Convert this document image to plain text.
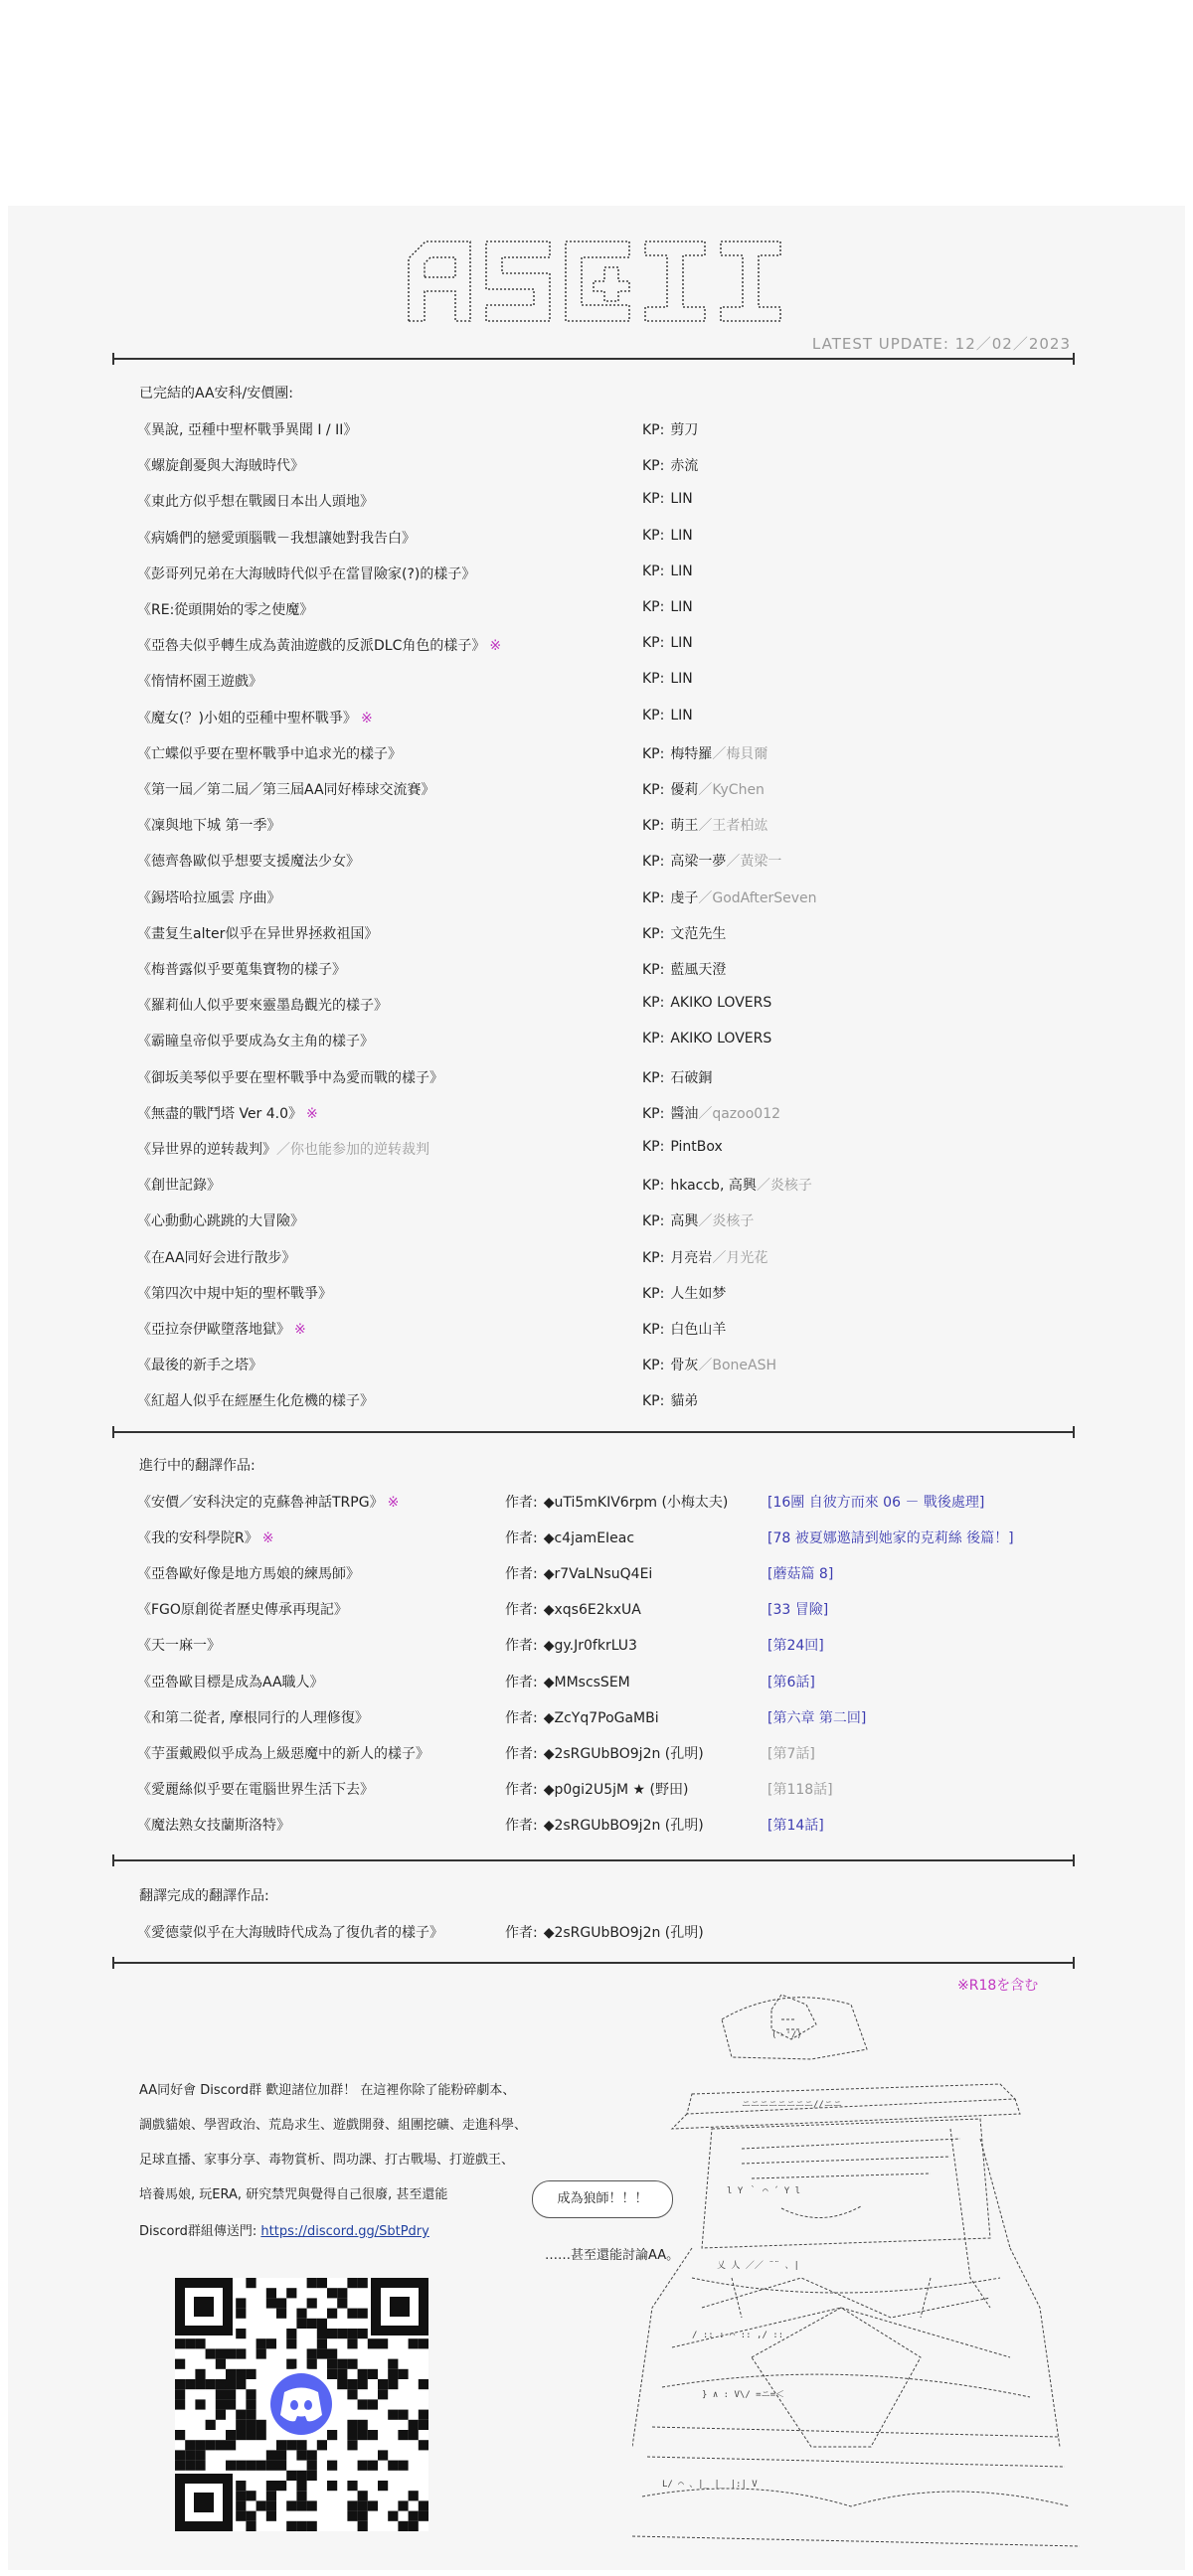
LATEST UPDATE: 12／02／2023
已完結的AA安科/安價團:
《異說, 亞種中聖杯戰爭異聞 I / II》	KP: 剪刀
《螺旋創憂與大海賊時代》	KP: 赤流
《東此方似乎想在戰國日本出人頭地》	KP: LIN
《病嬌們的戀愛頭腦戰－我想讓她對我告白》	KP: LIN
《彭哥列兄弟在大海賊時代似乎在當冒險家(?)的樣子》	KP: LIN
《RE:從頭開始的零之使魔》	KP: LIN
《亞魯夫似乎轉生成為黃油遊戲的反派DLC角色的樣子》 ※	KP: LIN
《惰情杯園王遊戲》	KP: LIN
《魔女(？)小姐的亞種中聖杯戰爭》 ※	KP: LIN
《亡蝶似乎要在聖杯戰爭中追求光的樣子》	KP: 梅特羅／梅貝爾
《第一屆／第二屆／第三屆AA同好棒球交流賽》	KP: 優莉／KyChen
《凜與地下城 第一季》	KP: 萌王／王者柏竑
《德齊魯歐似乎想要支援魔法少女》	KP: 高梁一夢／黃梁一
《錫塔哈拉風雲 序曲》	KP: 虔子／GodAfterSeven
《畫复生alter似乎在异世界拯救祖国》	KP: 文范先生
《梅普露似乎要蒐集寶物的樣子》	KP: 藍風天澄
《羅莉仙人似乎要來靈墨島觀光的樣子》	KP: AKIKO LOVERS
《霸瞳皇帝似乎要成為女主角的樣子》	KP: AKIKO LOVERS
《御坂美琴似乎要在聖杯戰爭中為愛而戰的樣子》	KP: 石破銅
《無盡的戰鬥塔 Ver 4.0》 ※	KP: 醬油／qazoo012
《异世界的逆转裁判》／你也能参加的逆转裁判	KP: PintBox
《創世記錄》	KP: hkaccb, 高興／炎核子
《心動動心跳跳的大冒險》	KP: 高興／炎核子
《在AA同好会进行散步》	KP: 月亮岩／月光花
《第四次中規中矩的聖杯戰爭》	KP: 人生如梦
《亞拉奈伊歐墮落地獄》 ※	KP: 白色山羊
《最後的新手之塔》	KP: 骨灰／BoneASH
《紅超人似乎在經歷生化危機的樣子》	KP: 貓弟
進行中的翻譯作品:
《安價／安科決定的克蘇魯神話TRPG》 ※	作者: ◆uTi5mKIV6rpm (小梅太夫)	[16團 自彼方而來 06 － 戰後處理]
《我的安科學院R》 ※	作者: ◆c4jamEIeac	[78 被夏娜邀請到她家的克莉絲 後篇！]
《亞魯歐好像是地方馬娘的練馬師》	作者: ◆r7VaLNsuQ4Ei	[蘑菇篇 8]
《FGO原創從者歷史傳承再現記》	作者: ◆xqs6E2kxUA	[33 冒險]
《天一麻一》	作者: ◆gy.Jr0fkrLU3	[第24回]
《亞魯歐目標是成為AA職人》	作者: ◆MMscsSEM	[第6話]
《和第二從者, 摩根同行的人理修復》	作者: ◆ZcYq7PoGaMBi	[第六章 第二回]
《芋蛋戴殿似乎成為上級惡魔中的新人的樣子》	作者: ◆2sRGUbBO9j2n (孔明)	[第7話]
《愛麗絲似乎要在電腦世界生活下去》	作者: ◆p0gi2U5jM ★ (野田)	[第118話]
《魔法熟女技蘭斯洛特》	作者: ◆2sRGUbBO9j2n (孔明)	[第14話]
翻譯完成的翻譯作品:
《愛德蒙似乎在大海賊時代成為了復仇者的樣子》	作者: ◆2sRGUbBO9j2n (孔明)
※R18を含む
AA同好會 Discord群 歡迎諸位加群！ 在這裡你除了能粉碎劇本、
調戲貓娘、學習政治、荒島求生、遊戲開發、組團挖礦、走進科學、
足球直播、家事分享、毒物賞析、問功課、打古戰場、打遊戲王、
培養馬娘, 玩ERA, 研究禁咒與覺得自己很廢, 甚至還能
Discord群組傳送門: https://discord.gg/SbtPdry
成為狼師！！！
……甚至還能討論AA。
(ゝ'/)
ニニニニニニニニ//ニニ
l Y ｀ ⌒ ´ Y l
乂 人 ／／ ¨¨ 、|
/ :: : ⌒ :: ,/ ::
} ∧ : V\/ =ニ=＜
L/ ⌒ 、|_ |_ |:| V
